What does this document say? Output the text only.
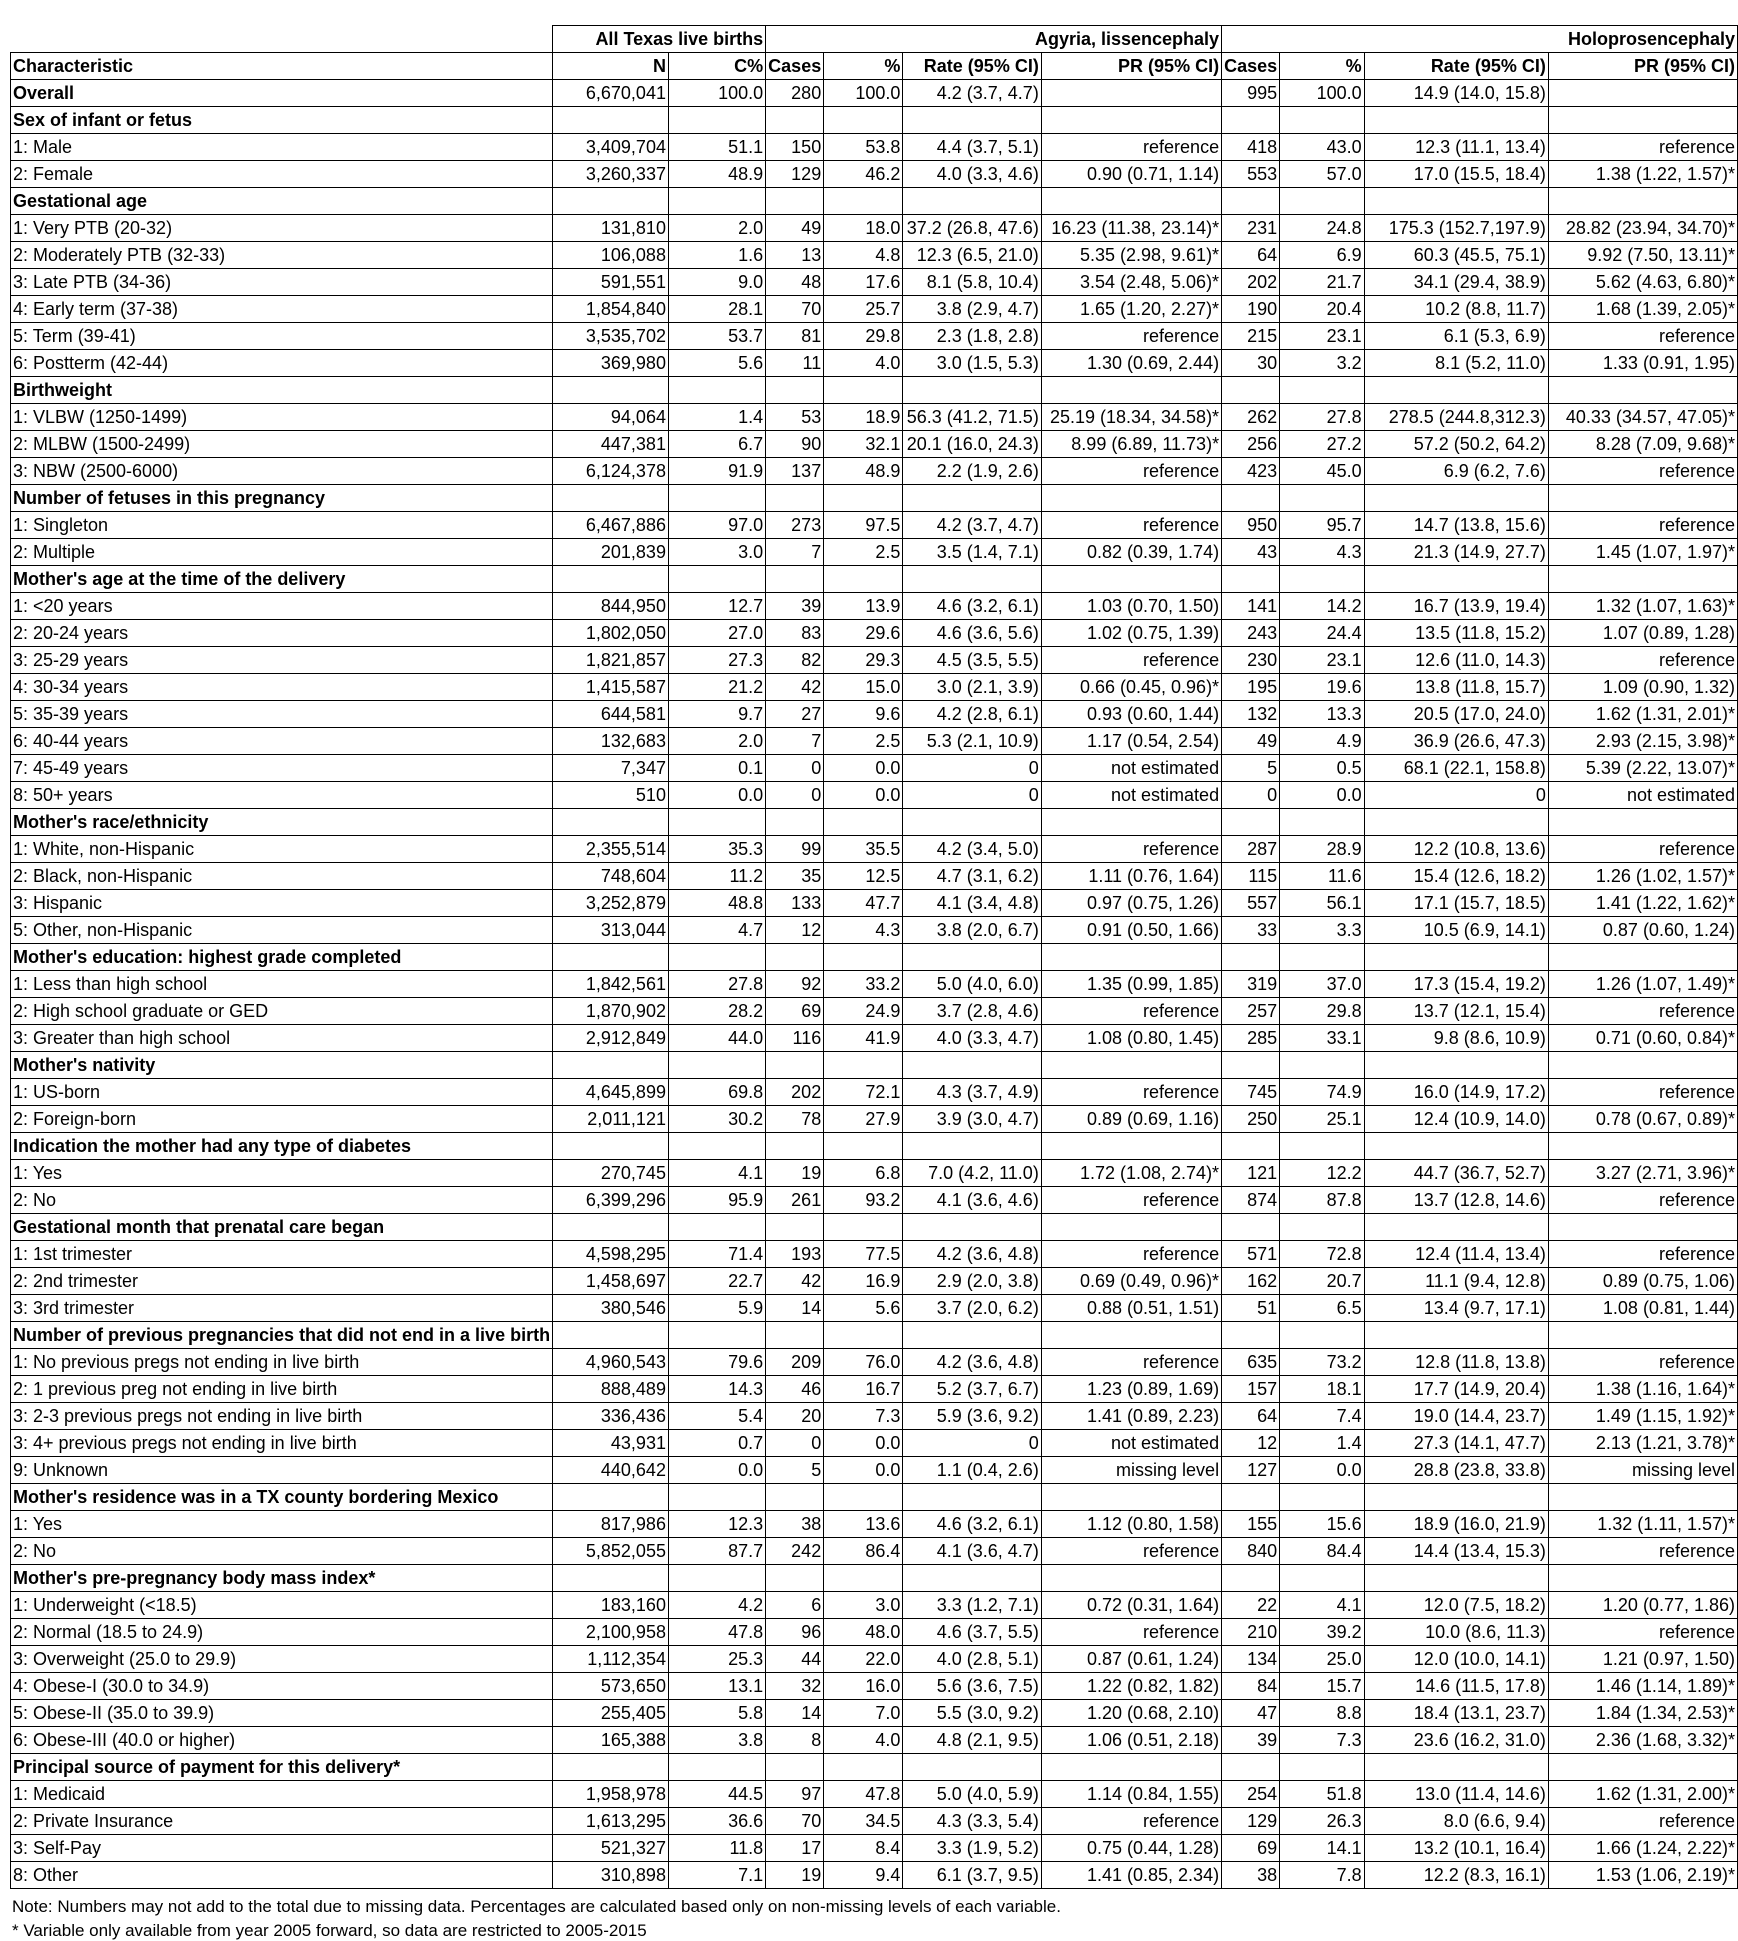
	All Texas live births		Agyria, lissencephaly				Holoprosencephaly			
Characteristic	N	C%	Cases	%	Rate (95% CI)	PR (95% CI)	Cases	%	Rate (95% CI)	PR (95% CI)
Overall	6,670,041	100.0	280	100.0	4.2 (3.7, 4.7)		995	100.0	14.9 (14.0, 15.8)	
Sex of infant or fetus										
1: Male	3,409,704	51.1	150	53.8	4.4 (3.7, 5.1)	reference	418	43.0	12.3 (11.1, 13.4)	reference
2: Female	3,260,337	48.9	129	46.2	4.0 (3.3, 4.6)	0.90 (0.71, 1.14)	553	57.0	17.0 (15.5, 18.4)	1.38 (1.22, 1.57)*
Gestational age										
1: Very PTB (20-32)	131,810	2.0	49	18.0	37.2 (26.8, 47.6)	16.23 (11.38, 23.14)*	231	24.8	175.3 (152.7,197.9)	28.82 (23.94, 34.70)*
2: Moderately PTB (32-33)	106,088	1.6	13	4.8	12.3 (6.5, 21.0)	5.35 (2.98, 9.61)*	64	6.9	60.3 (45.5, 75.1)	9.92 (7.50, 13.11)*
3: Late PTB (34-36)	591,551	9.0	48	17.6	8.1 (5.8, 10.4)	3.54 (2.48, 5.06)*	202	21.7	34.1 (29.4, 38.9)	5.62 (4.63, 6.80)*
4: Early term (37-38)	1,854,840	28.1	70	25.7	3.8 (2.9, 4.7)	1.65 (1.20, 2.27)*	190	20.4	10.2 (8.8, 11.7)	1.68 (1.39, 2.05)*
5: Term (39-41)	3,535,702	53.7	81	29.8	2.3 (1.8, 2.8)	reference	215	23.1	6.1 (5.3, 6.9)	reference
6: Postterm (42-44)	369,980	5.6	11	4.0	3.0 (1.5, 5.3)	1.30 (0.69, 2.44)	30	3.2	8.1 (5.2, 11.0)	1.33 (0.91, 1.95)
Birthweight										
1: VLBW (1250-1499)	94,064	1.4	53	18.9	56.3 (41.2, 71.5)	25.19 (18.34, 34.58)*	262	27.8	278.5 (244.8,312.3)	40.33 (34.57, 47.05)*
2: MLBW (1500-2499)	447,381	6.7	90	32.1	20.1 (16.0, 24.3)	8.99 (6.89, 11.73)*	256	27.2	57.2 (50.2, 64.2)	8.28 (7.09, 9.68)*
3: NBW (2500-6000)	6,124,378	91.9	137	48.9	2.2 (1.9, 2.6)	reference	423	45.0	6.9 (6.2, 7.6)	reference
Number of fetuses in this pregnancy										
1: Singleton	6,467,886	97.0	273	97.5	4.2 (3.7, 4.7)	reference	950	95.7	14.7 (13.8, 15.6)	reference
2: Multiple	201,839	3.0	7	2.5	3.5 (1.4, 7.1)	0.82 (0.39, 1.74)	43	4.3	21.3 (14.9, 27.7)	1.45 (1.07, 1.97)*
Mother's age at the time of the delivery										
1: <20 years	844,950	12.7	39	13.9	4.6 (3.2, 6.1)	1.03 (0.70, 1.50)	141	14.2	16.7 (13.9, 19.4)	1.32 (1.07, 1.63)*
2: 20-24 years	1,802,050	27.0	83	29.6	4.6 (3.6, 5.6)	1.02 (0.75, 1.39)	243	24.4	13.5 (11.8, 15.2)	1.07 (0.89, 1.28)
3: 25-29 years	1,821,857	27.3	82	29.3	4.5 (3.5, 5.5)	reference	230	23.1	12.6 (11.0, 14.3)	reference
4: 30-34 years	1,415,587	21.2	42	15.0	3.0 (2.1, 3.9)	0.66 (0.45, 0.96)*	195	19.6	13.8 (11.8, 15.7)	1.09 (0.90, 1.32)
5: 35-39 years	644,581	9.7	27	9.6	4.2 (2.8, 6.1)	0.93 (0.60, 1.44)	132	13.3	20.5 (17.0, 24.0)	1.62 (1.31, 2.01)*
6: 40-44 years	132,683	2.0	7	2.5	5.3 (2.1, 10.9)	1.17 (0.54, 2.54)	49	4.9	36.9 (26.6, 47.3)	2.93 (2.15, 3.98)*
7: 45-49 years	7,347	0.1	0	0.0	0	not estimated	5	0.5	68.1 (22.1, 158.8)	5.39 (2.22, 13.07)*
8: 50+ years	510	0.0	0	0.0	0	not estimated	0	0.0	0	not estimated
Mother's race/ethnicity										
1: White, non-Hispanic	2,355,514	35.3	99	35.5	4.2 (3.4, 5.0)	reference	287	28.9	12.2 (10.8, 13.6)	reference
2: Black, non-Hispanic	748,604	11.2	35	12.5	4.7 (3.1, 6.2)	1.11 (0.76, 1.64)	115	11.6	15.4 (12.6, 18.2)	1.26 (1.02, 1.57)*
3: Hispanic	3,252,879	48.8	133	47.7	4.1 (3.4, 4.8)	0.97 (0.75, 1.26)	557	56.1	17.1 (15.7, 18.5)	1.41 (1.22, 1.62)*
5: Other, non-Hispanic	313,044	4.7	12	4.3	3.8 (2.0, 6.7)	0.91 (0.50, 1.66)	33	3.3	10.5 (6.9, 14.1)	0.87 (0.60, 1.24)
Mother's education: highest grade completed										
1: Less than high school	1,842,561	27.8	92	33.2	5.0 (4.0, 6.0)	1.35 (0.99, 1.85)	319	37.0	17.3 (15.4, 19.2)	1.26 (1.07, 1.49)*
2: High school graduate or GED	1,870,902	28.2	69	24.9	3.7 (2.8, 4.6)	reference	257	29.8	13.7 (12.1, 15.4)	reference
3: Greater than high school	2,912,849	44.0	116	41.9	4.0 (3.3, 4.7)	1.08 (0.80, 1.45)	285	33.1	9.8 (8.6, 10.9)	0.71 (0.60, 0.84)*
Mother's nativity										
1: US-born	4,645,899	69.8	202	72.1	4.3 (3.7, 4.9)	reference	745	74.9	16.0 (14.9, 17.2)	reference
2: Foreign-born	2,011,121	30.2	78	27.9	3.9 (3.0, 4.7)	0.89 (0.69, 1.16)	250	25.1	12.4 (10.9, 14.0)	0.78 (0.67, 0.89)*
Indication the mother had any type of diabetes										
1: Yes	270,745	4.1	19	6.8	7.0 (4.2, 11.0)	1.72 (1.08, 2.74)*	121	12.2	44.7 (36.7, 52.7)	3.27 (2.71, 3.96)*
2: No	6,399,296	95.9	261	93.2	4.1 (3.6, 4.6)	reference	874	87.8	13.7 (12.8, 14.6)	reference
Gestational month that prenatal care began										
1: 1st trimester	4,598,295	71.4	193	77.5	4.2 (3.6, 4.8)	reference	571	72.8	12.4 (11.4, 13.4)	reference
2: 2nd trimester	1,458,697	22.7	42	16.9	2.9 (2.0, 3.8)	0.69 (0.49, 0.96)*	162	20.7	11.1 (9.4, 12.8)	0.89 (0.75, 1.06)
3: 3rd trimester	380,546	5.9	14	5.6	3.7 (2.0, 6.2)	0.88 (0.51, 1.51)	51	6.5	13.4 (9.7, 17.1)	1.08 (0.81, 1.44)
Number of previous pregnancies that did not end in a live birth										
1: No previous pregs not ending in live birth	4,960,543	79.6	209	76.0	4.2 (3.6, 4.8)	reference	635	73.2	12.8 (11.8, 13.8)	reference
2: 1 previous preg not ending in live birth	888,489	14.3	46	16.7	5.2 (3.7, 6.7)	1.23 (0.89, 1.69)	157	18.1	17.7 (14.9, 20.4)	1.38 (1.16, 1.64)*
3: 2-3 previous pregs not ending in live birth	336,436	5.4	20	7.3	5.9 (3.6, 9.2)	1.41 (0.89, 2.23)	64	7.4	19.0 (14.4, 23.7)	1.49 (1.15, 1.92)*
3: 4+ previous pregs not ending in live birth	43,931	0.7	0	0.0	0	not estimated	12	1.4	27.3 (14.1, 47.7)	2.13 (1.21, 3.78)*
9: Unknown	440,642	0.0	5	0.0	1.1 (0.4, 2.6)	missing level	127	0.0	28.8 (23.8, 33.8)	missing level
Mother's residence was in a TX county bordering Mexico										
1: Yes	817,986	12.3	38	13.6	4.6 (3.2, 6.1)	1.12 (0.80, 1.58)	155	15.6	18.9 (16.0, 21.9)	1.32 (1.11, 1.57)*
2: No	5,852,055	87.7	242	86.4	4.1 (3.6, 4.7)	reference	840	84.4	14.4 (13.4, 15.3)	reference
Mother's pre-pregnancy body mass index*										
1: Underweight (<18.5)	183,160	4.2	6	3.0	3.3 (1.2, 7.1)	0.72 (0.31, 1.64)	22	4.1	12.0 (7.5, 18.2)	1.20 (0.77, 1.86)
2: Normal (18.5 to 24.9)	2,100,958	47.8	96	48.0	4.6 (3.7, 5.5)	reference	210	39.2	10.0 (8.6, 11.3)	reference
3: Overweight (25.0 to 29.9)	1,112,354	25.3	44	22.0	4.0 (2.8, 5.1)	0.87 (0.61, 1.24)	134	25.0	12.0 (10.0, 14.1)	1.21 (0.97, 1.50)
4: Obese-I (30.0 to 34.9)	573,650	13.1	32	16.0	5.6 (3.6, 7.5)	1.22 (0.82, 1.82)	84	15.7	14.6 (11.5, 17.8)	1.46 (1.14, 1.89)*
5: Obese-II (35.0 to 39.9)	255,405	5.8	14	7.0	5.5 (3.0, 9.2)	1.20 (0.68, 2.10)	47	8.8	18.4 (13.1, 23.7)	1.84 (1.34, 2.53)*
6: Obese-III (40.0 or higher)	165,388	3.8	8	4.0	4.8 (2.1, 9.5)	1.06 (0.51, 2.18)	39	7.3	23.6 (16.2, 31.0)	2.36 (1.68, 3.32)*
Principal source of payment for this delivery*										
1: Medicaid	1,958,978	44.5	97	47.8	5.0 (4.0, 5.9)	1.14 (0.84, 1.55)	254	51.8	13.0 (11.4, 14.6)	1.62 (1.31, 2.00)*
2: Private Insurance	1,613,295	36.6	70	34.5	4.3 (3.3, 5.4)	reference	129	26.3	8.0 (6.6, 9.4)	reference
3: Self-Pay	521,327	11.8	17	8.4	3.3 (1.9, 5.2)	0.75 (0.44, 1.28)	69	14.1	13.2 (10.1, 16.4)	1.66 (1.24, 2.22)*
8: Other	310,898	7.1	19	9.4	6.1 (3.7, 9.5)	1.41 (0.85, 2.34)	38	7.8	12.2 (8.3, 16.1)	1.53 (1.06, 2.19)*
Note: Numbers may not add to the total due to missing data. Percentages are calculated based only on non-missing levels of each variable.
* Variable only available from year 2005 forward, so data are restricted to 2005-2015
